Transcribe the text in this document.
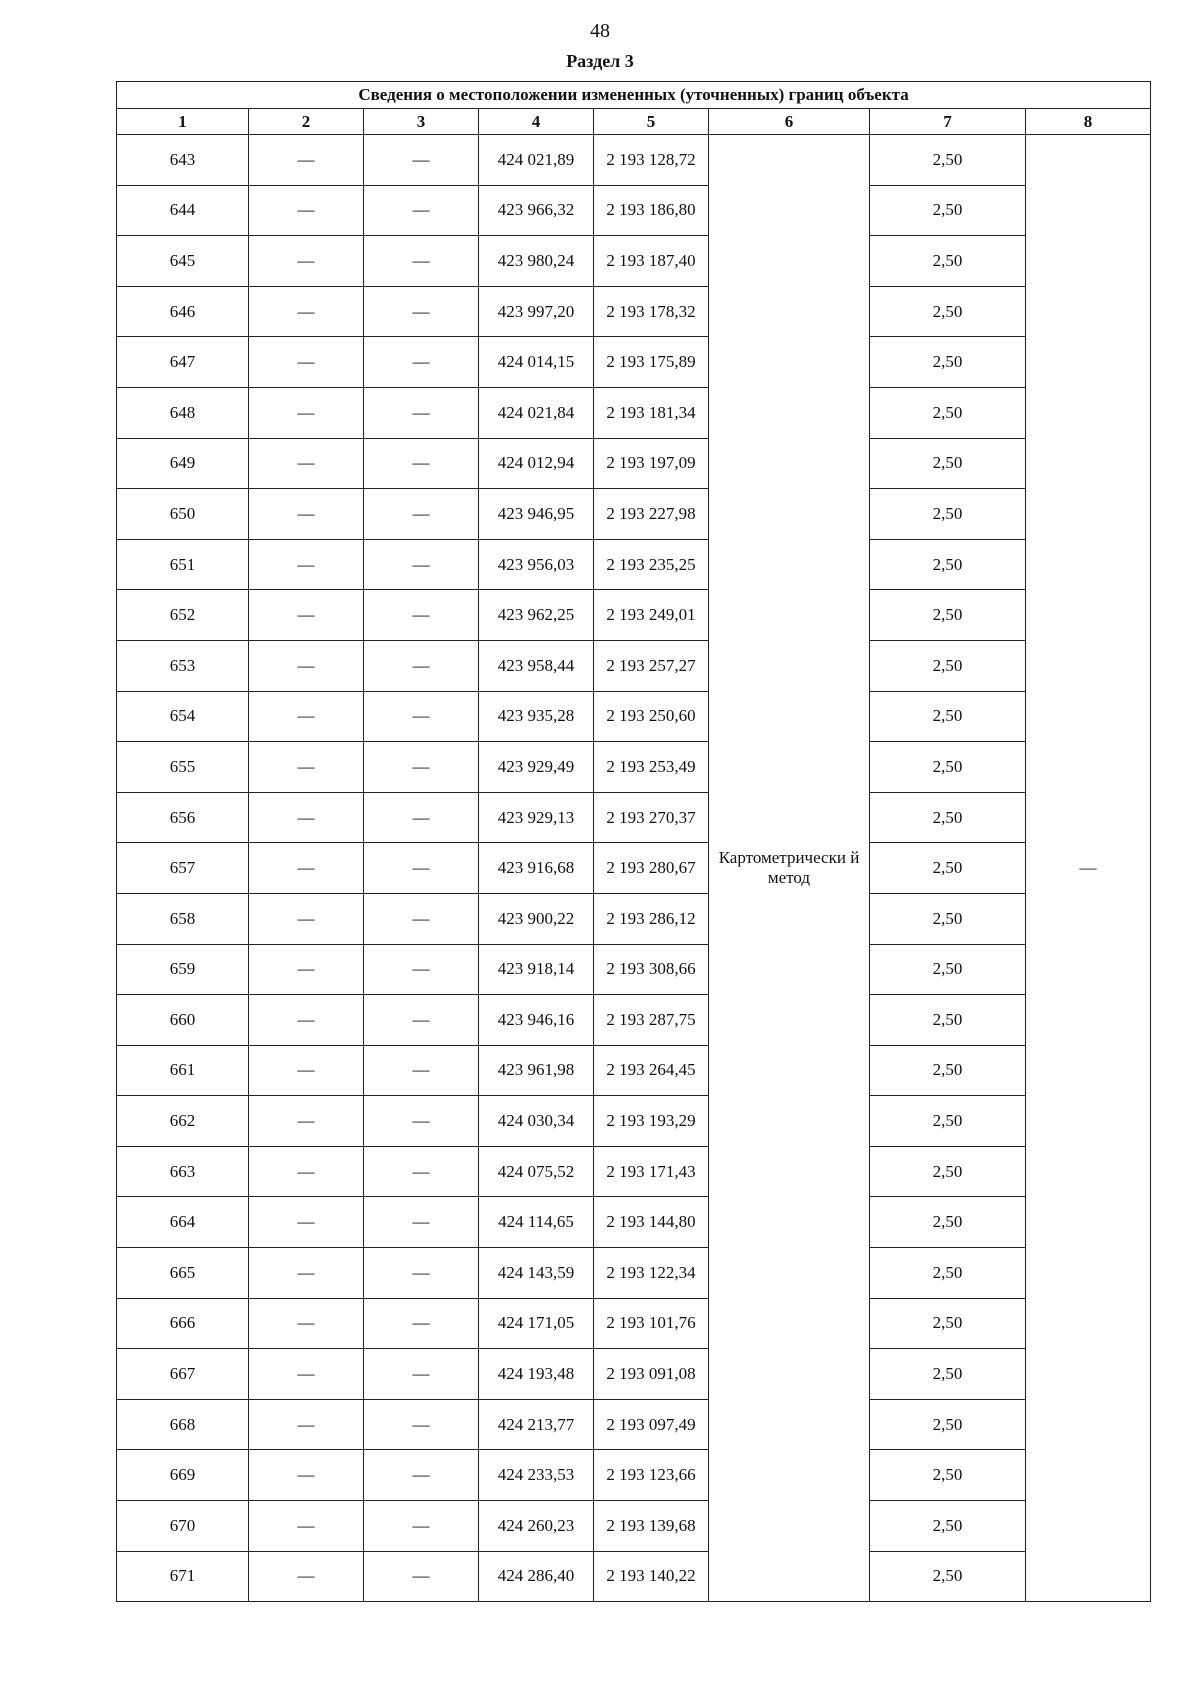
48
Раздел 3
Сведения о местоположении измененных (уточненных) границ объекта							
1	2	3	4	5	6	7	8
643	—	—	424 021,89	2 193 128,72	Картометрически й метод	2,50	—
644	—	—	423 966,32	2 193 186,80		2,50	
645	—	—	423 980,24	2 193 187,40		2,50	
646	—	—	423 997,20	2 193 178,32		2,50	
647	—	—	424 014,15	2 193 175,89		2,50	
648	—	—	424 021,84	2 193 181,34		2,50	
649	—	—	424 012,94	2 193 197,09		2,50	
650	—	—	423 946,95	2 193 227,98		2,50	
651	—	—	423 956,03	2 193 235,25		2,50	
652	—	—	423 962,25	2 193 249,01		2,50	
653	—	—	423 958,44	2 193 257,27		2,50	
654	—	—	423 935,28	2 193 250,60		2,50	
655	—	—	423 929,49	2 193 253,49		2,50	
656	—	—	423 929,13	2 193 270,37		2,50	
657	—	—	423 916,68	2 193 280,67		2,50	
658	—	—	423 900,22	2 193 286,12		2,50	
659	—	—	423 918,14	2 193 308,66		2,50	
660	—	—	423 946,16	2 193 287,75		2,50	
661	—	—	423 961,98	2 193 264,45		2,50	
662	—	—	424 030,34	2 193 193,29		2,50	
663	—	—	424 075,52	2 193 171,43		2,50	
664	—	—	424 114,65	2 193 144,80		2,50	
665	—	—	424 143,59	2 193 122,34		2,50	
666	—	—	424 171,05	2 193 101,76		2,50	
667	—	—	424 193,48	2 193 091,08		2,50	
668	—	—	424 213,77	2 193 097,49		2,50	
669	—	—	424 233,53	2 193 123,66		2,50	
670	—	—	424 260,23	2 193 139,68		2,50	
671	—	—	424 286,40	2 193 140,22		2,50	
